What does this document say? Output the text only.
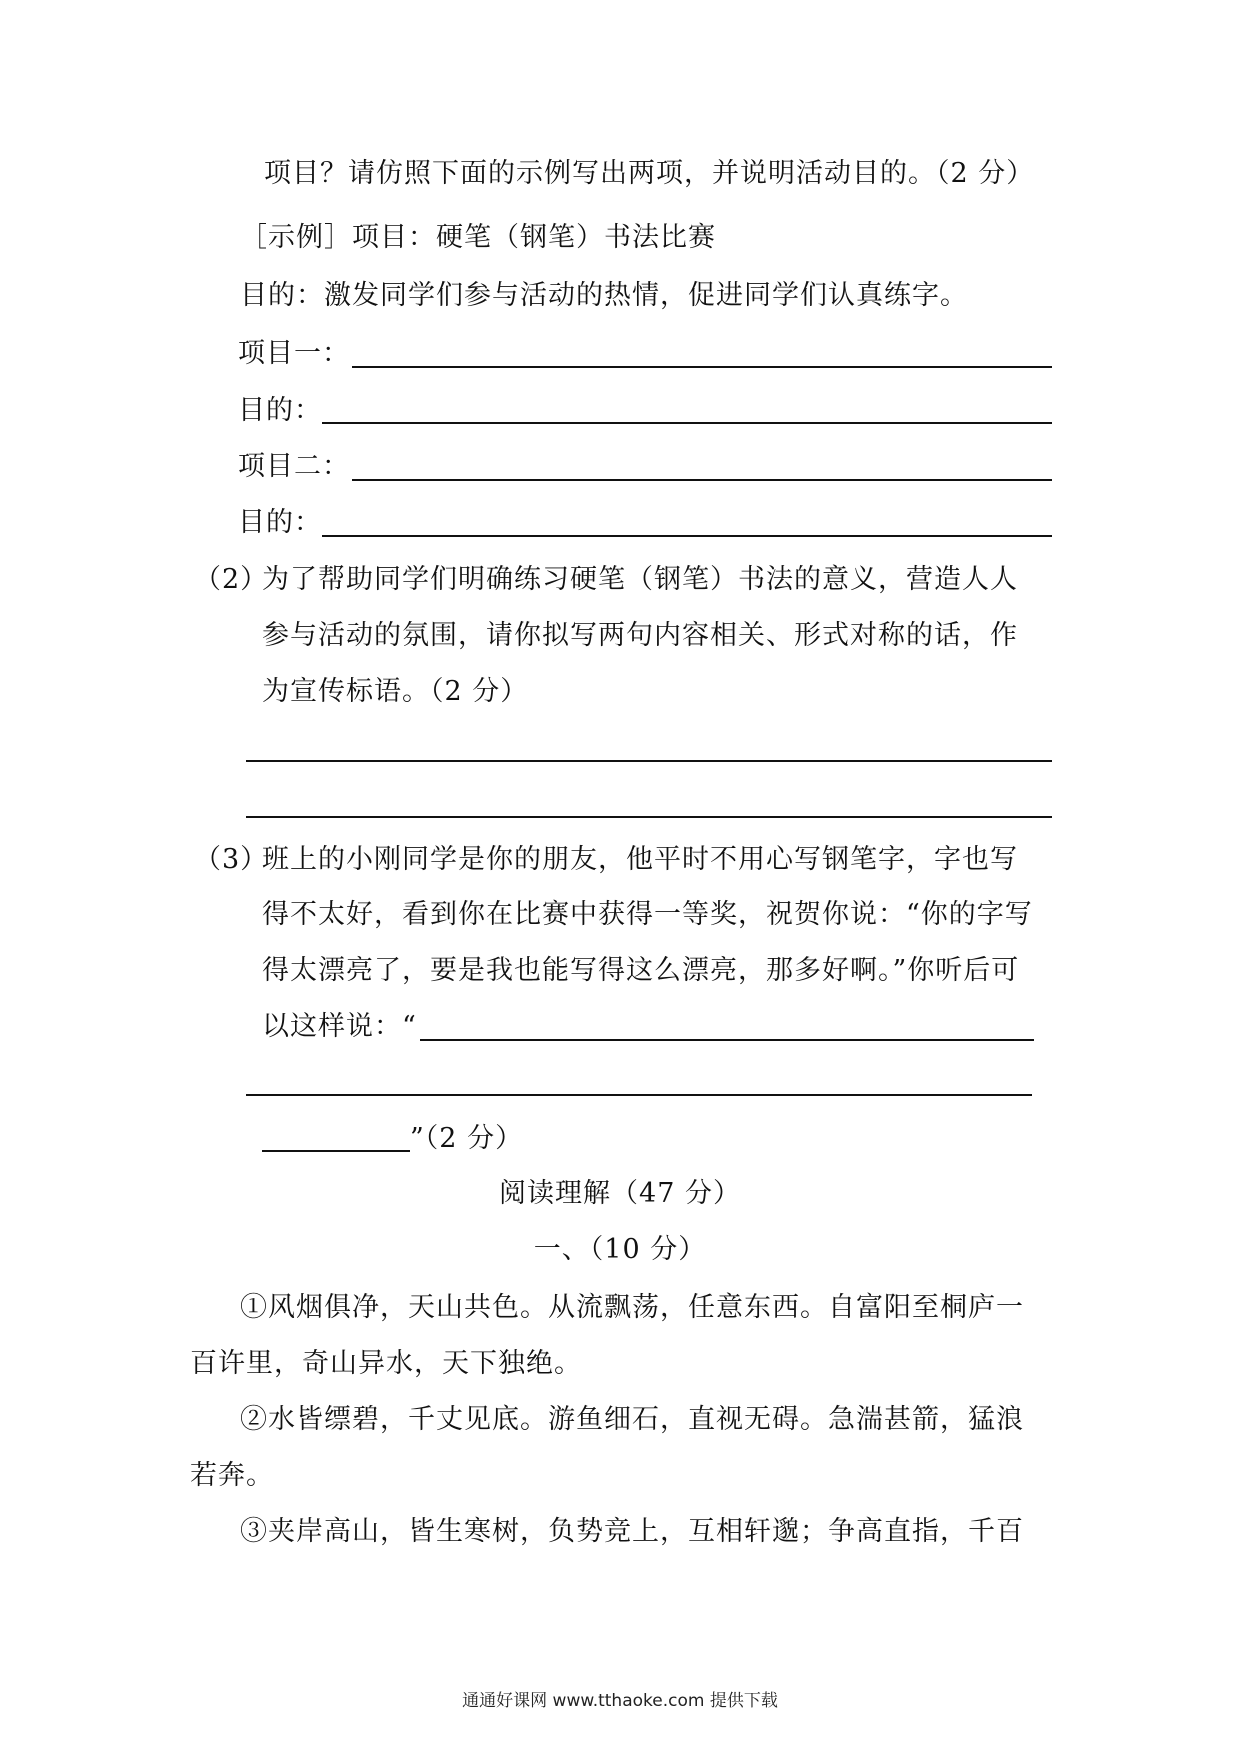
项目？请仿照下面的示例写出两项，并说明活动目的。（2 分）
［示例］项目：硬笔（钢笔）书法比赛
目的：激发同学们参与活动的热情，促进同学们认真练字。
项目一：
目的：
项目二：
目的：
（2）
为了帮助同学们明确练习硬笔（钢笔）书法的意义，营造人人
参与活动的氛围，请你拟写两句内容相关、形式对称的话，作
为宣传标语。（2 分）
（3）
班上的小刚同学是你的朋友，他平时不用心写钢笔字，字也写
得不太好，看到你在比赛中获得一等奖，祝贺你说：“你的字写
得太漂亮了，要是我也能写得这么漂亮，那多好啊。”你听后可
以这样说：“
”（2 分）
阅读理解（47 分）
一、（10 分）
①风烟俱净，天山共色。从流飘荡，任意东西。自富阳至桐庐一
百许里，奇山异水，天下独绝。
②水皆缥碧，千丈见底。游鱼细石，直视无碍。急湍甚箭，猛浪
若奔。
③夹岸高山，皆生寒树，负势竞上，互相轩邈；争高直指，千百
通通好课网 www.tthaoke.com 提供下载
